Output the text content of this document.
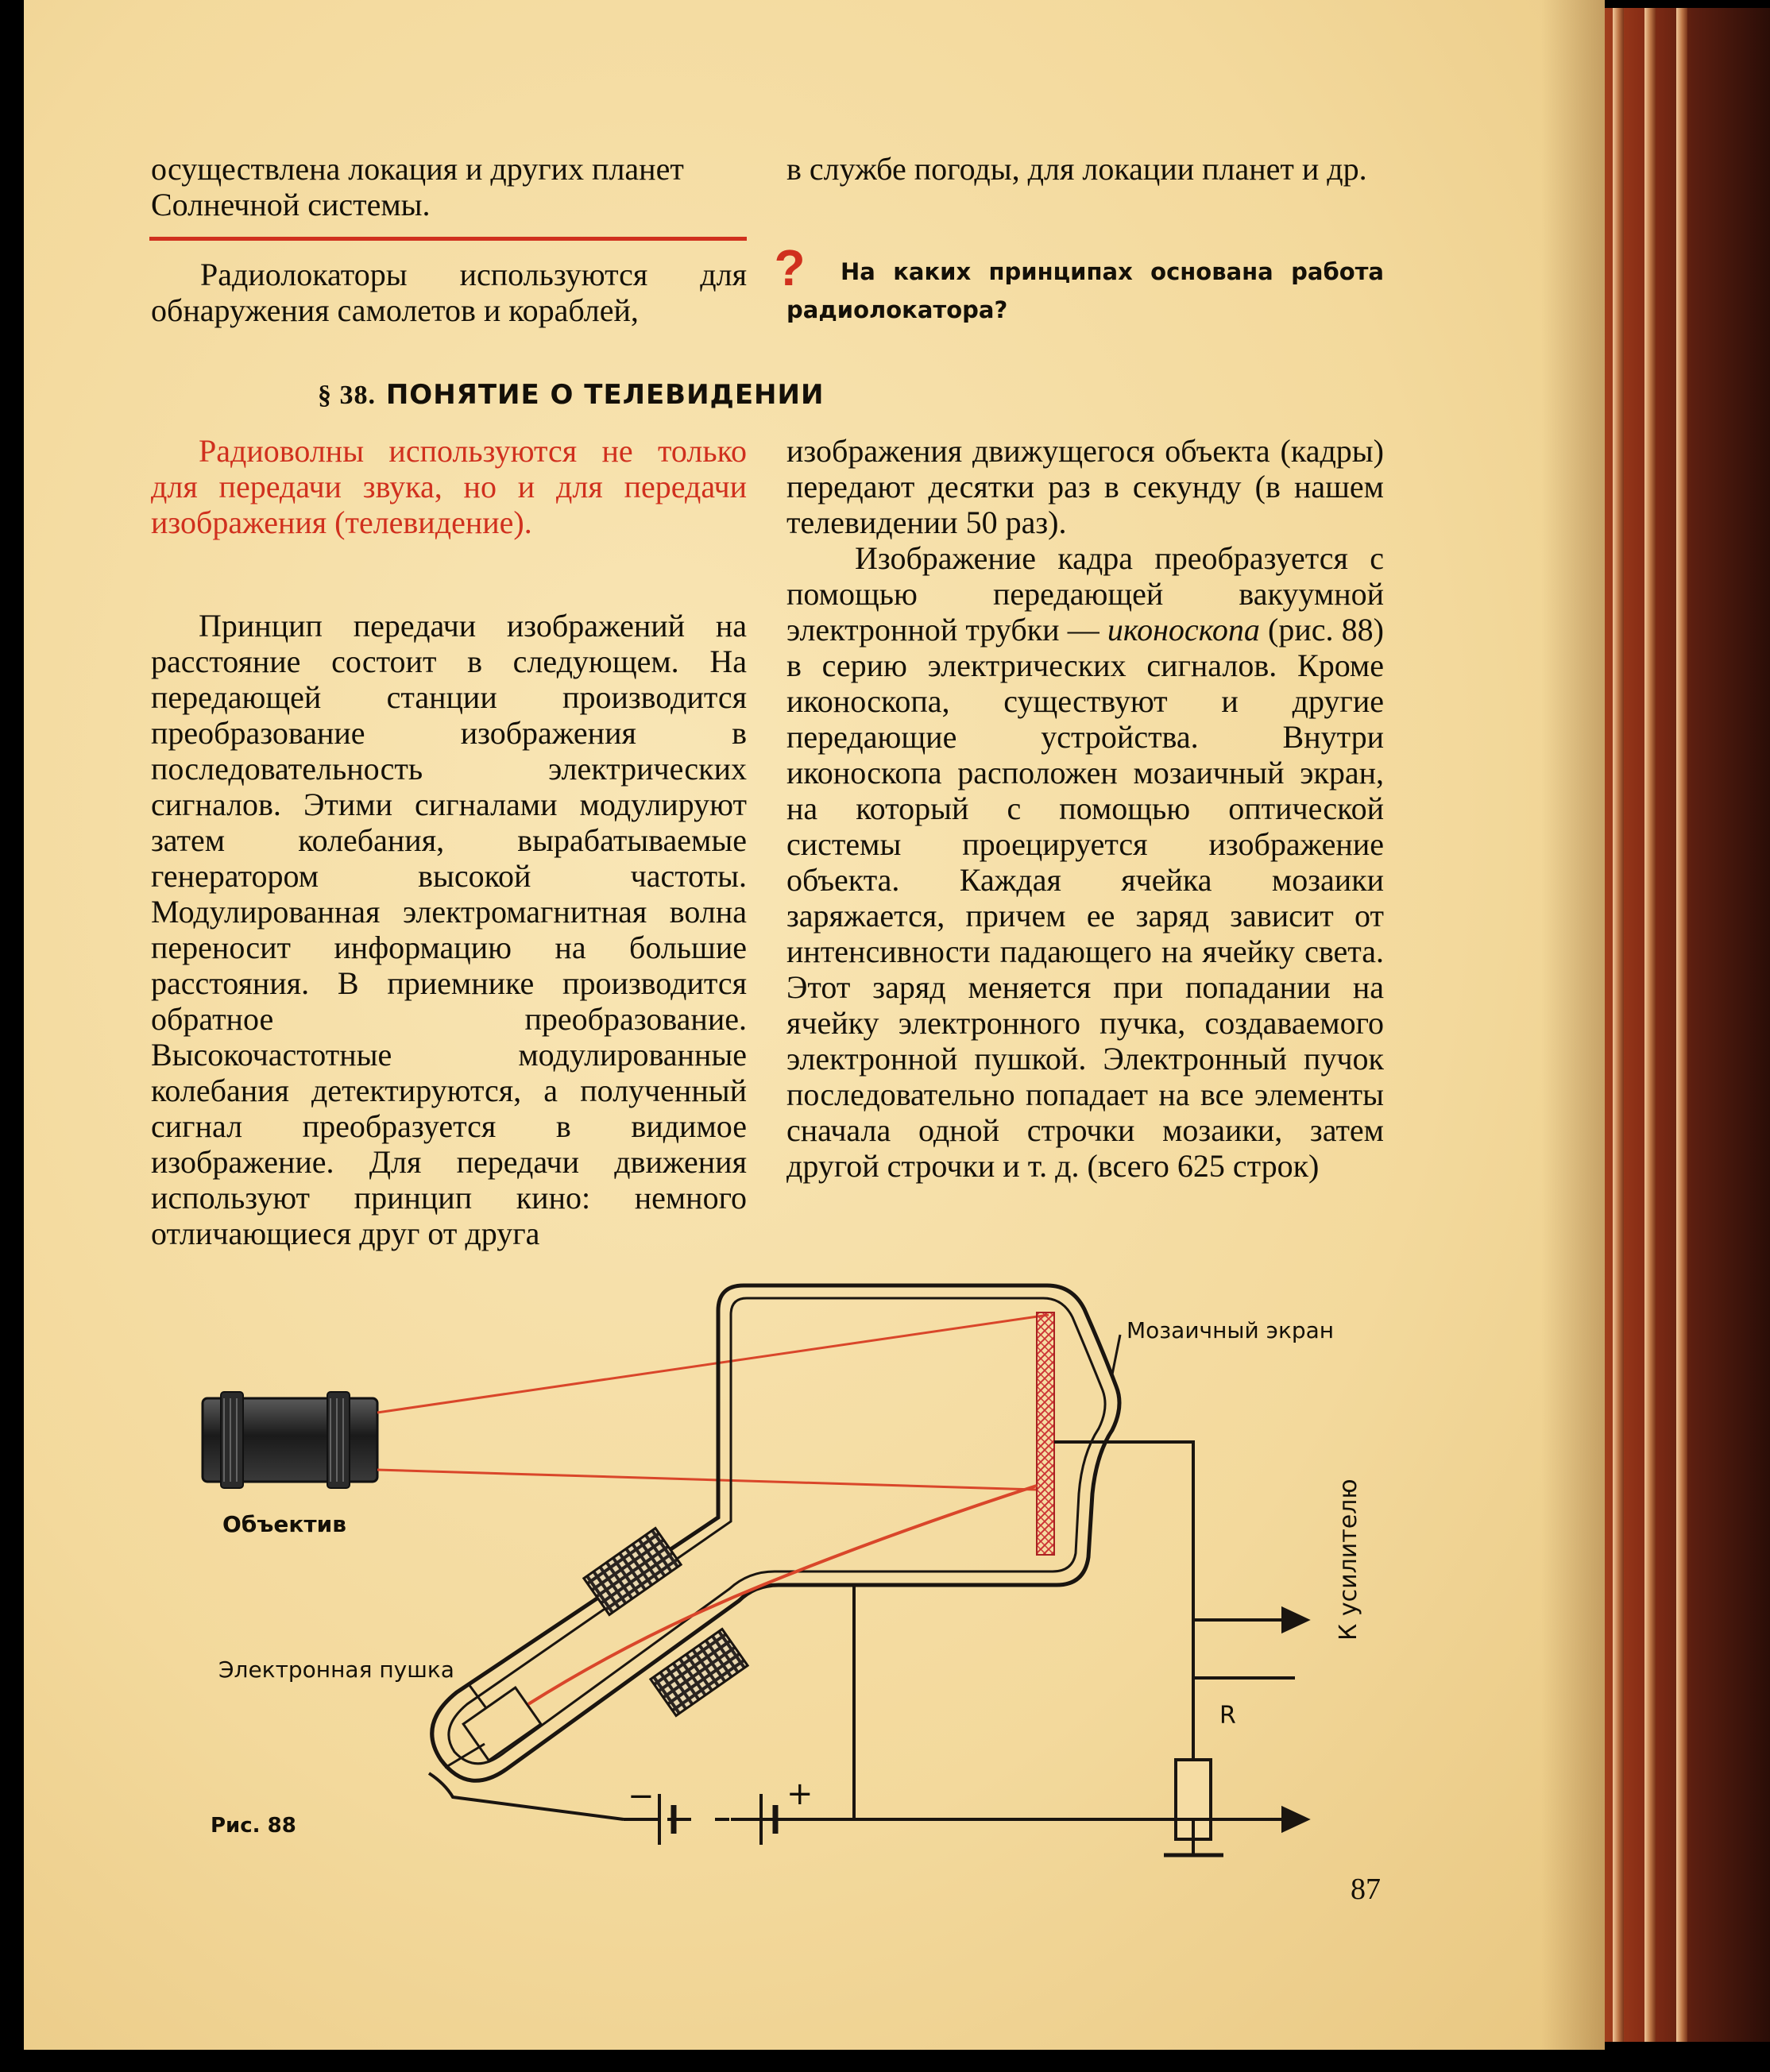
осуществлена локация и других планет Солнечной системы.
в службе погоды, для локации планет и др.
Радиолокаторы используются для обнаружения самолетов и кораблей,
?	На каких принципах основана работа радиолокатора?
§ 38. ПОНЯТИЕ О ТЕЛЕВИДЕНИИ
Радиоволны используются не только для передачи звука, но и для передачи изображения (телевидение).
Принцип передачи изображений на расстояние состоит в следующем. На передающей станции производится преобразование изображения в последовательность электрических сигналов. Этими сигналами модулируют затем колебания, вырабатываемые генератором высокой частоты. Модулированная электромагнитная волна переносит информацию на большие расстояния. В приемнике производится обратное преобразование. Высокочастотные модулированные колебания детектируются, а полученный сигнал преобразуется в видимое изображение. Для передачи движения используют принцип кино: немного отличающиеся друг от друга
изображения движущегося объекта (кадры) передают десятки раз в секунду (в нашем телевидении 50 раз).
Изображение кадра преобразуется с помощью передающей вакуумной электронной трубки — иконоскопа (рис. 88) в серию электрических сигналов. Кроме иконоскопа, существуют и другие передающие устройства. Внутри иконоскопа расположен мозаичный экран, на который с помощью оптической системы проецируется изображение объекта. Каждая ячейка мозаики заряжается, причем ее заряд зависит от интенсивности падающего на ячейку света. Этот заряд меняется при попадании на ячейку электронного пучка, создаваемого электронной пушкой. Электронный пучок последовательно попадает на все элементы сначала одной строчки мозаики, затем другой строчки и т. д. (всего 625 строк)
Мозаичный экран
Объектив
Электронная пушка
R
−	+
К усилителю
Рис. 88
87
